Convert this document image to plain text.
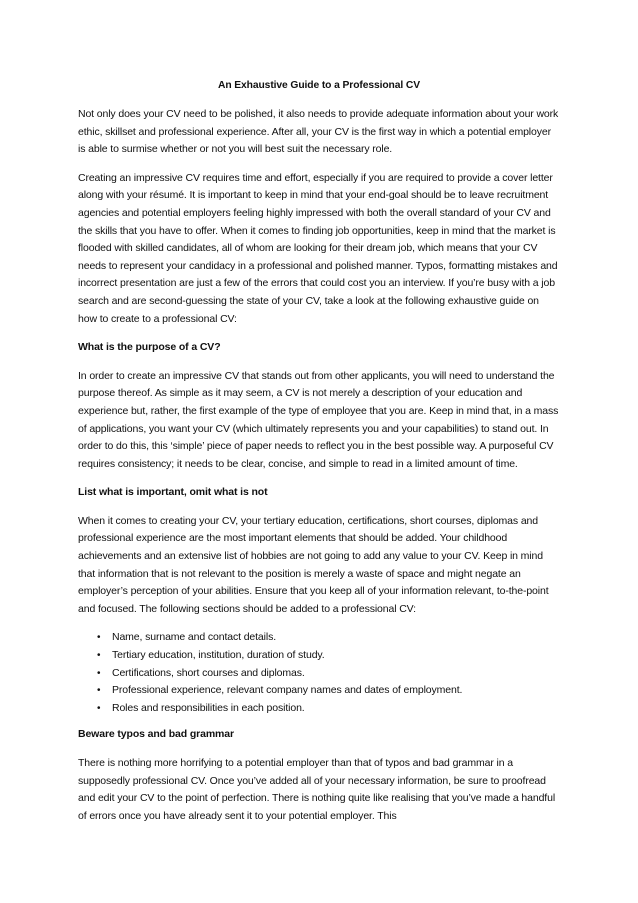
An Exhaustive Guide to a Professional CV

Not only does your CV need to be polished, it also needs to provide adequate information about your work ethic, skillset and professional experience. After all, your CV is the first way in which a potential employer is able to surmise whether or not you will best suit the necessary role.

Creating an impressive CV requires time and effort, especially if you are required to provide a cover letter along with your résumé. It is important to keep in mind that your end-goal should be to leave recruitment agencies and potential employers feeling highly impressed with both the overall standard of your CV and the skills that you have to offer. When it comes to finding job opportunities, keep in mind that the market is flooded with skilled candidates, all of whom are looking for their dream job, which means that your CV needs to represent your candidacy in a professional and polished manner. Typos, formatting mistakes and incorrect presentation are just a few of the errors that could cost you an interview. If you’re busy with a job search and are second-guessing the state of your CV, take a look at the following exhaustive guide on how to create to a professional CV:

What is the purpose of a CV?

In order to create an impressive CV that stands out from other applicants, you will need to understand the purpose thereof. As simple as it may seem, a CV is not merely a description of your education and experience but, rather, the first example of the type of employee that you are. Keep in mind that, in a mass of applications, you want your CV (which ultimately represents you and your capabilities) to stand out. In order to do this, this ‘simple’ piece of paper needs to reflect you in the best possible way. A purposeful CV requires consistency; it needs to be clear, concise, and simple to read in a limited amount of time.

List what is important, omit what is not

When it comes to creating your CV, your tertiary education, certifications, short courses, diplomas and professional experience are the most important elements that should be added. Your childhood achievements and an extensive list of hobbies are not going to add any value to your CV. Keep in mind that information that is not relevant to the position is merely a waste of space and might negate an employer’s perception of your abilities. Ensure that you keep all of your information relevant, to-the-point and focused. The following sections should be added to a professional CV:

• Name, surname and contact details.
• Tertiary education, institution, duration of study.
• Certifications, short courses and diplomas.
• Professional experience, relevant company names and dates of employment.
• Roles and responsibilities in each position.

Beware typos and bad grammar

There is nothing more horrifying to a potential employer than that of typos and bad grammar in a supposedly professional CV. Once you’ve added all of your necessary information, be sure to proofread and edit your CV to the point of perfection. There is nothing quite like realising that you’ve made a handful of errors once you have already sent it to your potential employer. This
